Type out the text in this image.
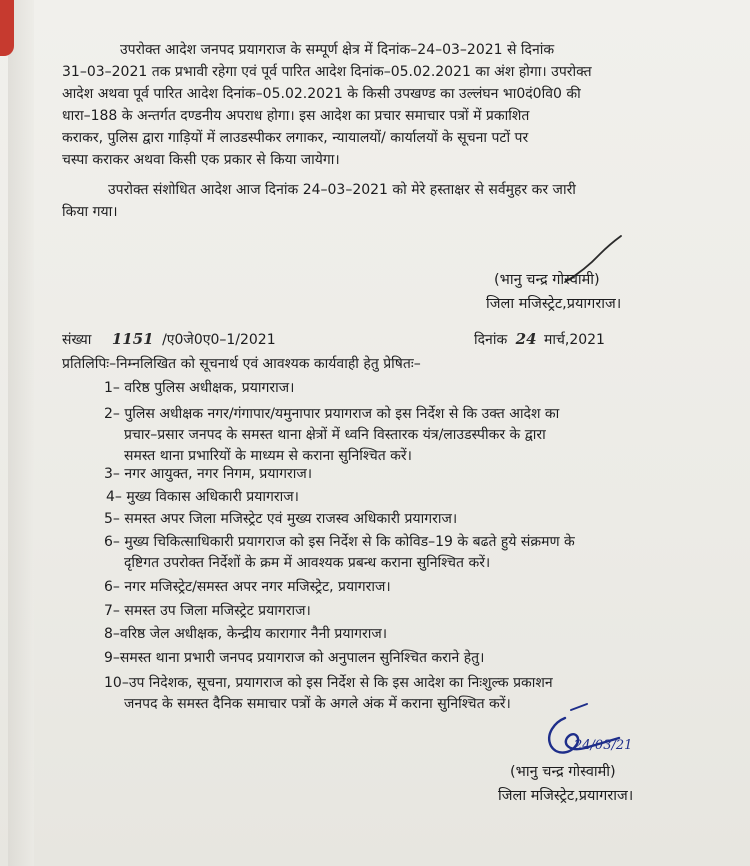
उपरोक्त आदेश जनपद प्रयागराज के सम्पूर्ण क्षेत्र में दिनांक–24–03–2021 से दिनांक
31–03–2021 तक प्रभावी रहेगा एवं पूर्व पारित आदेश दिनांक–05.02.2021 का अंश होगा। उपरोक्त
आदेश अथवा पूर्व पारित आदेश दिनांक–05.02.2021 के किसी उपखण्ड का उल्लंघन भा0दं0वि0 की
धारा–188 के अन्तर्गत दण्डनीय अपराध होगा। इस आदेश का प्रचार समाचार पत्रों में प्रकाशित
कराकर, पुलिस द्वारा गाड़ियों में लाउडस्पीकर लगाकर, न्यायालयों/ कार्यालयों के सूचना पटों पर
चस्पा कराकर अथवा किसी एक प्रकार से किया जायेगा।
उपरोक्त संशोधित आदेश आज दिनांक 24–03–2021 को मेरे हस्ताक्षर से सर्वमुहर कर जारी
किया गया।
(भानु चन्द्र गोस्वामी)
जिला मजिस्ट्रेट,प्रयागराज।
संख्या 1151 /ए0जे0ए0–1/2021	दिनांक 24 मार्च,2021
प्रतिलिपिः–निम्नलिखित को सूचनार्थ एवं आवश्यक कार्यवाही हेतु प्रेषितः–
1– वरिष्ठ पुलिस अधीक्षक, प्रयागराज।
2– पुलिस अधीक्षक नगर/गंगापार/यमुनापार प्रयागराज को इस निर्देश से कि उक्त आदेश का
प्रचार–प्रसार जनपद के समस्त थाना क्षेत्रों में ध्वनि विस्तारक यंत्र/लाउडस्पीकर के द्वारा
समस्त थाना प्रभारियों के माध्यम से कराना सुनिश्चित करें।
3– नगर आयुक्त, नगर निगम, प्रयागराज।
4– मुख्य विकास अधिकारी प्रयागराज।
5– समस्त अपर जिला मजिस्ट्रेट एवं मुख्य राजस्व अधिकारी प्रयागराज।
6– मुख्य चिकित्साधिकारी प्रयागराज को इस निर्देश से कि कोविड–19 के बढते हुये संक्रमण के
दृष्टिगत उपरोक्त निर्देशों के क्रम में आवश्यक प्रबन्ध कराना सुनिश्चित करें।
6– नगर मजिस्ट्रेट/समस्त अपर नगर मजिस्ट्रेट, प्रयागराज।
7– समस्त उप जिला मजिस्ट्रेट प्रयागराज।
8–वरिष्ठ जेल अधीक्षक, केन्द्रीय कारागार नैनी प्रयागराज।
9–समस्त थाना प्रभारी जनपद प्रयागराज को अनुपालन सुनिश्चित कराने हेतु।
10–उप निदेशक, सूचना, प्रयागराज को इस निर्देश से कि इस आदेश का निःशुल्क प्रकाशन
जनपद के समस्त दैनिक समाचार पत्रों के अगले अंक में कराना सुनिश्चित करें।
24/03/21
(भानु चन्द्र गोस्वामी)
जिला मजिस्ट्रेट,प्रयागराज।
